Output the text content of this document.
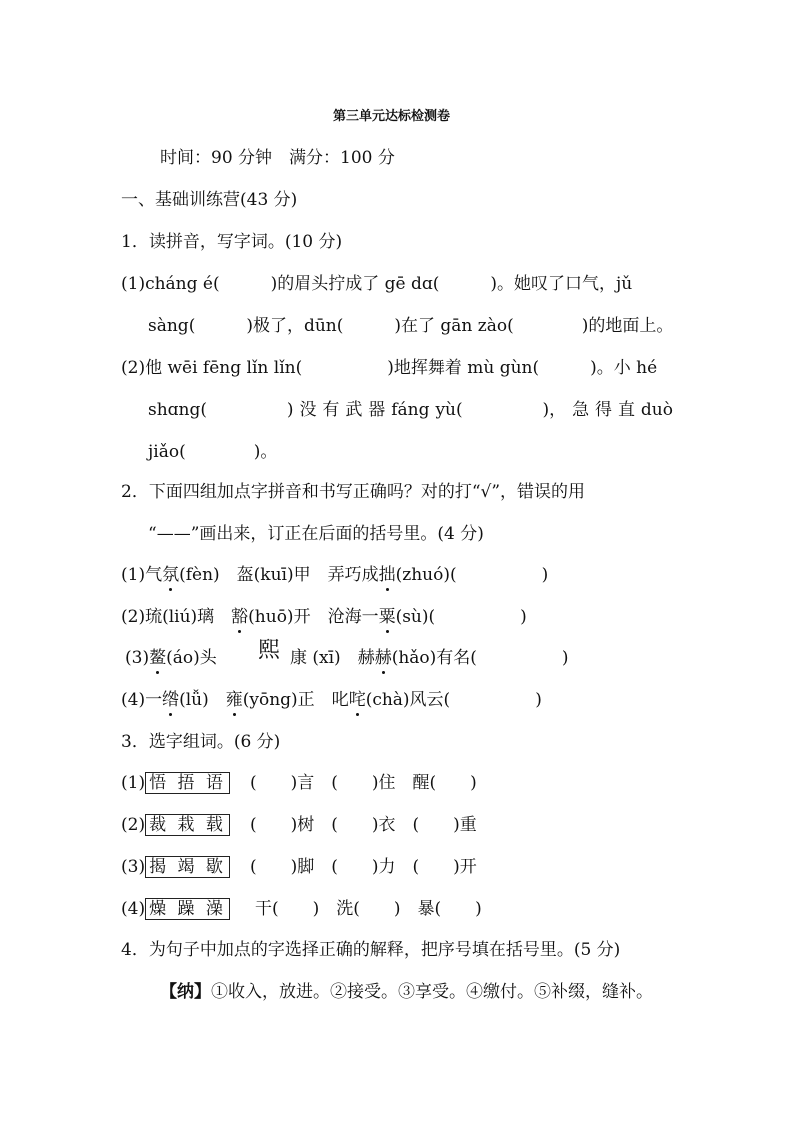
第三单元达标检测卷
时间：90 分钟　满分：100 分
一、基础训练营(43 分)
1．读拼音，写字词。(10 分)
(1)cháng é(　　　)的眉头拧成了 gē dɑ(　　　)。她叹了口气，jǔ
sàng(　　　)极了，dūn(　　　)在了 gān zào(　　　　)的地面上。
(2)他 wēi fēng lǐn lǐn(　　　　　)地挥舞着 mù gùn(　　　)。小 hé
shɑng(
　　　　	) 没 有 武 器 fáng yù(
　　　　	)， 急 得 直 duò
jiǎo(　　　　)。
2．下面四组加点字拼音和书写正确吗？对的打“√”，错误的用
“——”画出来，订正在后面的括号里。(4 分)
(1)气氛(fèn)　盔(kuī)甲　弄巧成拙(zhuó)(　　　　　)
(2)琉(liú)璃　豁(huō)开　沧海一粟(sù)(　　　　　)
熙
(3)鳌(áo)头	康 (xī)　赫赫(hǎo)有名(　　　　　)
(4)一绺(lǚ)　雍(yōng)正　叱咤(chà)风云(　　　　　)
3．选字组词。(6 分)
(1) 悟 捂 语 (　　)言　(　　)住　醒(　　)
(2) 裁 栽 载 (　　)树　(　　)衣　(　　)重
(3) 揭 竭 歇 (　　)脚　(　　)力　(　　)开
(4) 燥 躁 澡 干(　　)　洗(　　)　暴(　　)
4．为句子中加点的字选择正确的解释，把序号填在括号里。(5 分)
【纳】①收入，放进。②接受。③享受。④缴付。⑤补缀，缝补。
